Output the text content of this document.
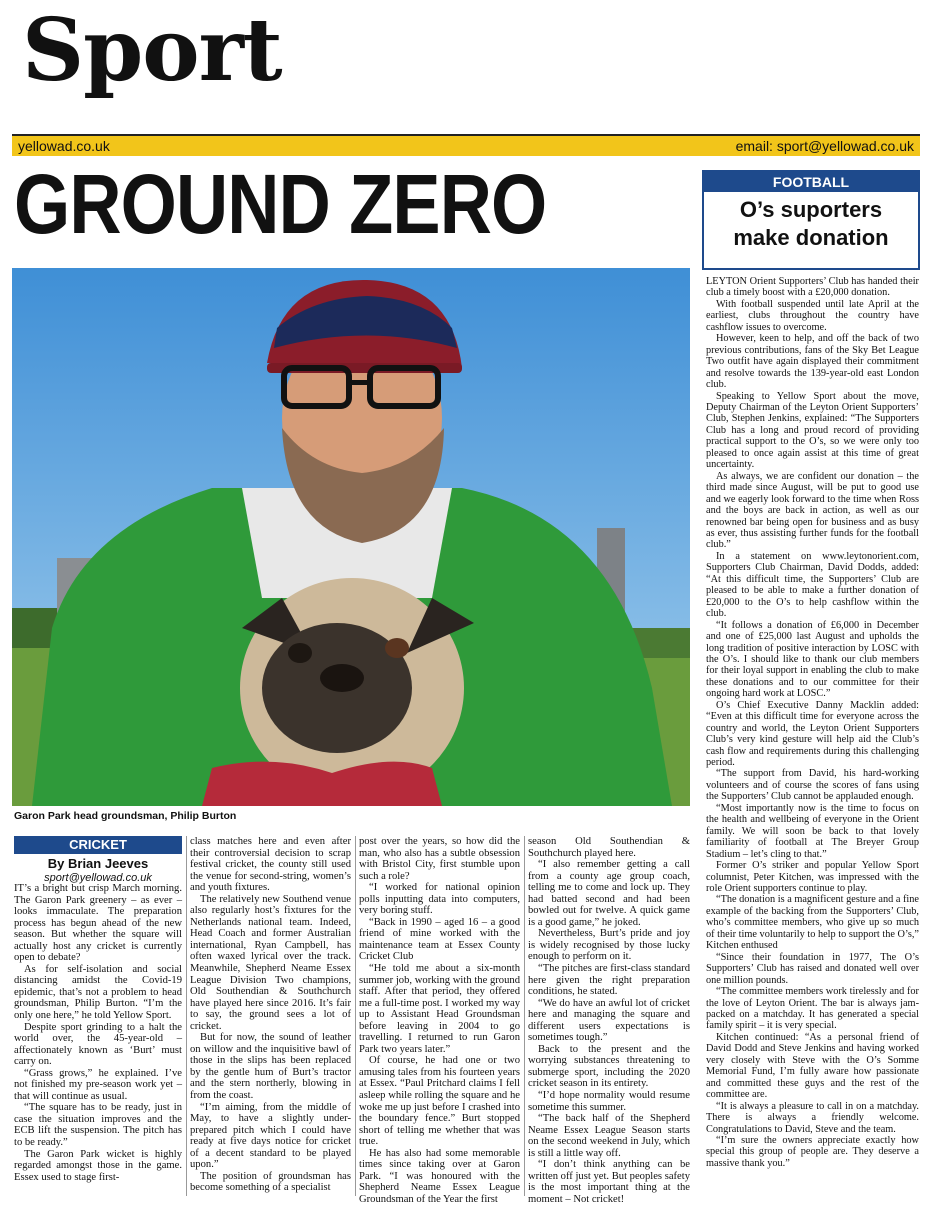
Sport
yellowad.co.uk	email: sport@yellowad.co.uk
GROUND ZERO
Garon Park head groundsman, Philip Burton
FOOTBALL
O’s suporters
make donation

LEYTON Orient Supporters’ Club has handed their club a timely boost with a £20,000 donation.

With football suspended until late April at the earliest, clubs throughout the country have cashflow issues to overcome.

However, keen to help, and off the back of two previous contributions, fans of the Sky Bet League Two outfit have again displayed their commitment and resolve towards the 139-year-old east London club.

Speaking to Yellow Sport about the move, Deputy Chairman of the Leyton Orient Supporters’ Club, Stephen Jenkins, explained: “The Supporters Club has a long and proud record of providing practical support to the O’s, so we were only too pleased to once again assist at this time of great uncertainty.

As always, we are confident our donation – the third made since August, will be put to good use and we eagerly look forward to the time when Ross and the boys are back in action, as well as our renowned bar being open for business and as busy as ever, thus assisting further funds for the football club.”

In a statement on www.leytonorient.com, Supporters Club Chairman, David Dodds, added: “At this difficult time, the Supporters’ Club are pleased to be able to make a further donation of £20,000 to the O’s to help cashflow within the club.

“It follows a donation of £6,000 in December and one of £25,000 last August and upholds the long tradition of positive interaction by LOSC with the O’s. I should like to thank our club members for their loyal support in enabling the club to make these donations and to our committee for their ongoing hard work at LOSC.”

O’s Chief Executive Danny Macklin added: “Even at this difficult time for everyone across the country and world, the Leyton Orient Supporters Club’s very kind gesture will help aid the Club’s cash flow and requirements during this challenging period.

“The support from David, his hard-working volunteers and of course the scores of fans using the Supporters’ Club cannot be applauded enough.

“Most importantly now is the time to focus on the health and wellbeing of everyone in the Orient family. We will soon be back to that lovely familiarity of football at The Breyer Group Stadium – let’s cling to that.”

Former O’s striker and popular Yellow Sport columnist, Peter Kitchen, was impressed with the role Orient supporters continue to play.

“The donation is a magnificent gesture and a fine example of the backing from the Supporters’ Club, who’s committee members, who give up so much of their time voluntarily to help to support the O’s,” Kitchen enthused

“Since their foundation in 1977, The O’s Supporters’ Club has raised and donated well over one million pounds.

“The committee members work tirelessly and for the love of Leyton Orient. The bar is always jam-packed on a matchday. It has generated a special family spirit – it is very special.

Kitchen continued: “As a personal friend of David Dodd and Steve Jenkins and having worked very closely with Steve with the O’s Somme Memorial Fund, I’m fully aware how passionate and committed these guys and the rest of the committee are.

“It is always a pleasure to call in on a matchday. There is always a friendly welcome. Congratulations to David, Steve and the team.

“I’m sure the owners appreciate exactly how special this group of people are. They deserve a massive thank you.”

CRICKET
By Brian Jeeves
sport@yellowad.co.uk

IT’s a bright but crisp March morning. The Garon Park greenery – as ever – looks immaculate. The preparation process has begun ahead of the new season. But whether the square will actually host any cricket is currently open to debate?

As for self-isolation and social distancing amidst the Covid-19 epidemic, that’s not a problem to head groundsman, Philip Burton. “I’m the only one here,” he told Yellow Sport.

Despite sport grinding to a halt the world over, the 45-year-old – affectionately known as ‘Burt’ must carry on.

“Grass grows,” he explained. I’ve not finished my pre-season work yet – that will continue as usual.

“The square has to be ready, just in case the situation improves and the ECB lift the suspension. The pitch has to be ready.”

The Garon Park wicket is highly regarded amongst those in the game. Essex used to stage first-

class matches here and even after their controversial decision to scrap festival cricket, the county still used the venue for second-string, women’s and youth fixtures.

The relatively new Southend venue also regularly host’s fixtures for the Netherlands national team. Indeed, Head Coach and former Australian international, Ryan Campbell, has often waxed lyrical over the track. Meanwhile, Shepherd Neame Essex League Division Two champions, Old Southendian & Southchurch have played here since 2016. It’s fair to say, the ground sees a lot of cricket.

But for now, the sound of leather on willow and the inquisitive bawl of those in the slips has been replaced by the gentle hum of Burt’s tractor and the stern northerly, blowing in from the coast.

“I’m aiming, from the middle of May, to have a slightly under-prepared pitch which I could have ready at five days notice for cricket of a decent standard to be played upon.”

The position of groundsman has become something of a specialist

post over the years, so how did the man, who also has a subtle obsession with Bristol City, first stumble upon such a role?

“I worked for national opinion polls inputting data into computers, very boring stuff.

“Back in 1990 – aged 16 – a good friend of mine worked with the maintenance team at Essex County Cricket Club

“He told me about a six-month summer job, working with the ground staff. After that period, they offered me a full-time post. I worked my way up to Assistant Head Groundsman before leaving in 2004 to go travelling. I returned to run Garon Park two years later.”

Of course, he had one or two amusing tales from his fourteen years at Essex. “Paul Pritchard claims I fell asleep while rolling the square and he woke me up just before I crashed into the boundary fence.” Burt stopped short of telling me whether that was true.

He has also had some memorable times since taking over at Garon Park. “I was honoured with the Shepherd Neame Essex League Groundsman of the Year the first

season Old Southendian & Southchurch played here.

“I also remember getting a call from a county age group coach, telling me to come and lock up. They had batted second and had been bowled out for twelve. A quick game is a good game,” he joked.

Nevertheless, Burt’s pride and joy is widely recognised by those lucky enough to perform on it.

“The pitches are first-class standard here given the right preparation conditions, he stated.

“We do have an awful lot of cricket here and managing the square and different users expectations is sometimes tough.”

Back to the present and the worrying substances threatening to submerge sport, including the 2020 cricket season in its entirety.

“I’d hope normality would resume sometime this summer.

“The back half of the Shepherd Neame Essex League Season starts on the second weekend in July, which is still a little way off.

“I don’t think anything can be written off just yet. But peoples safety is the most important thing at the moment – Not cricket!
